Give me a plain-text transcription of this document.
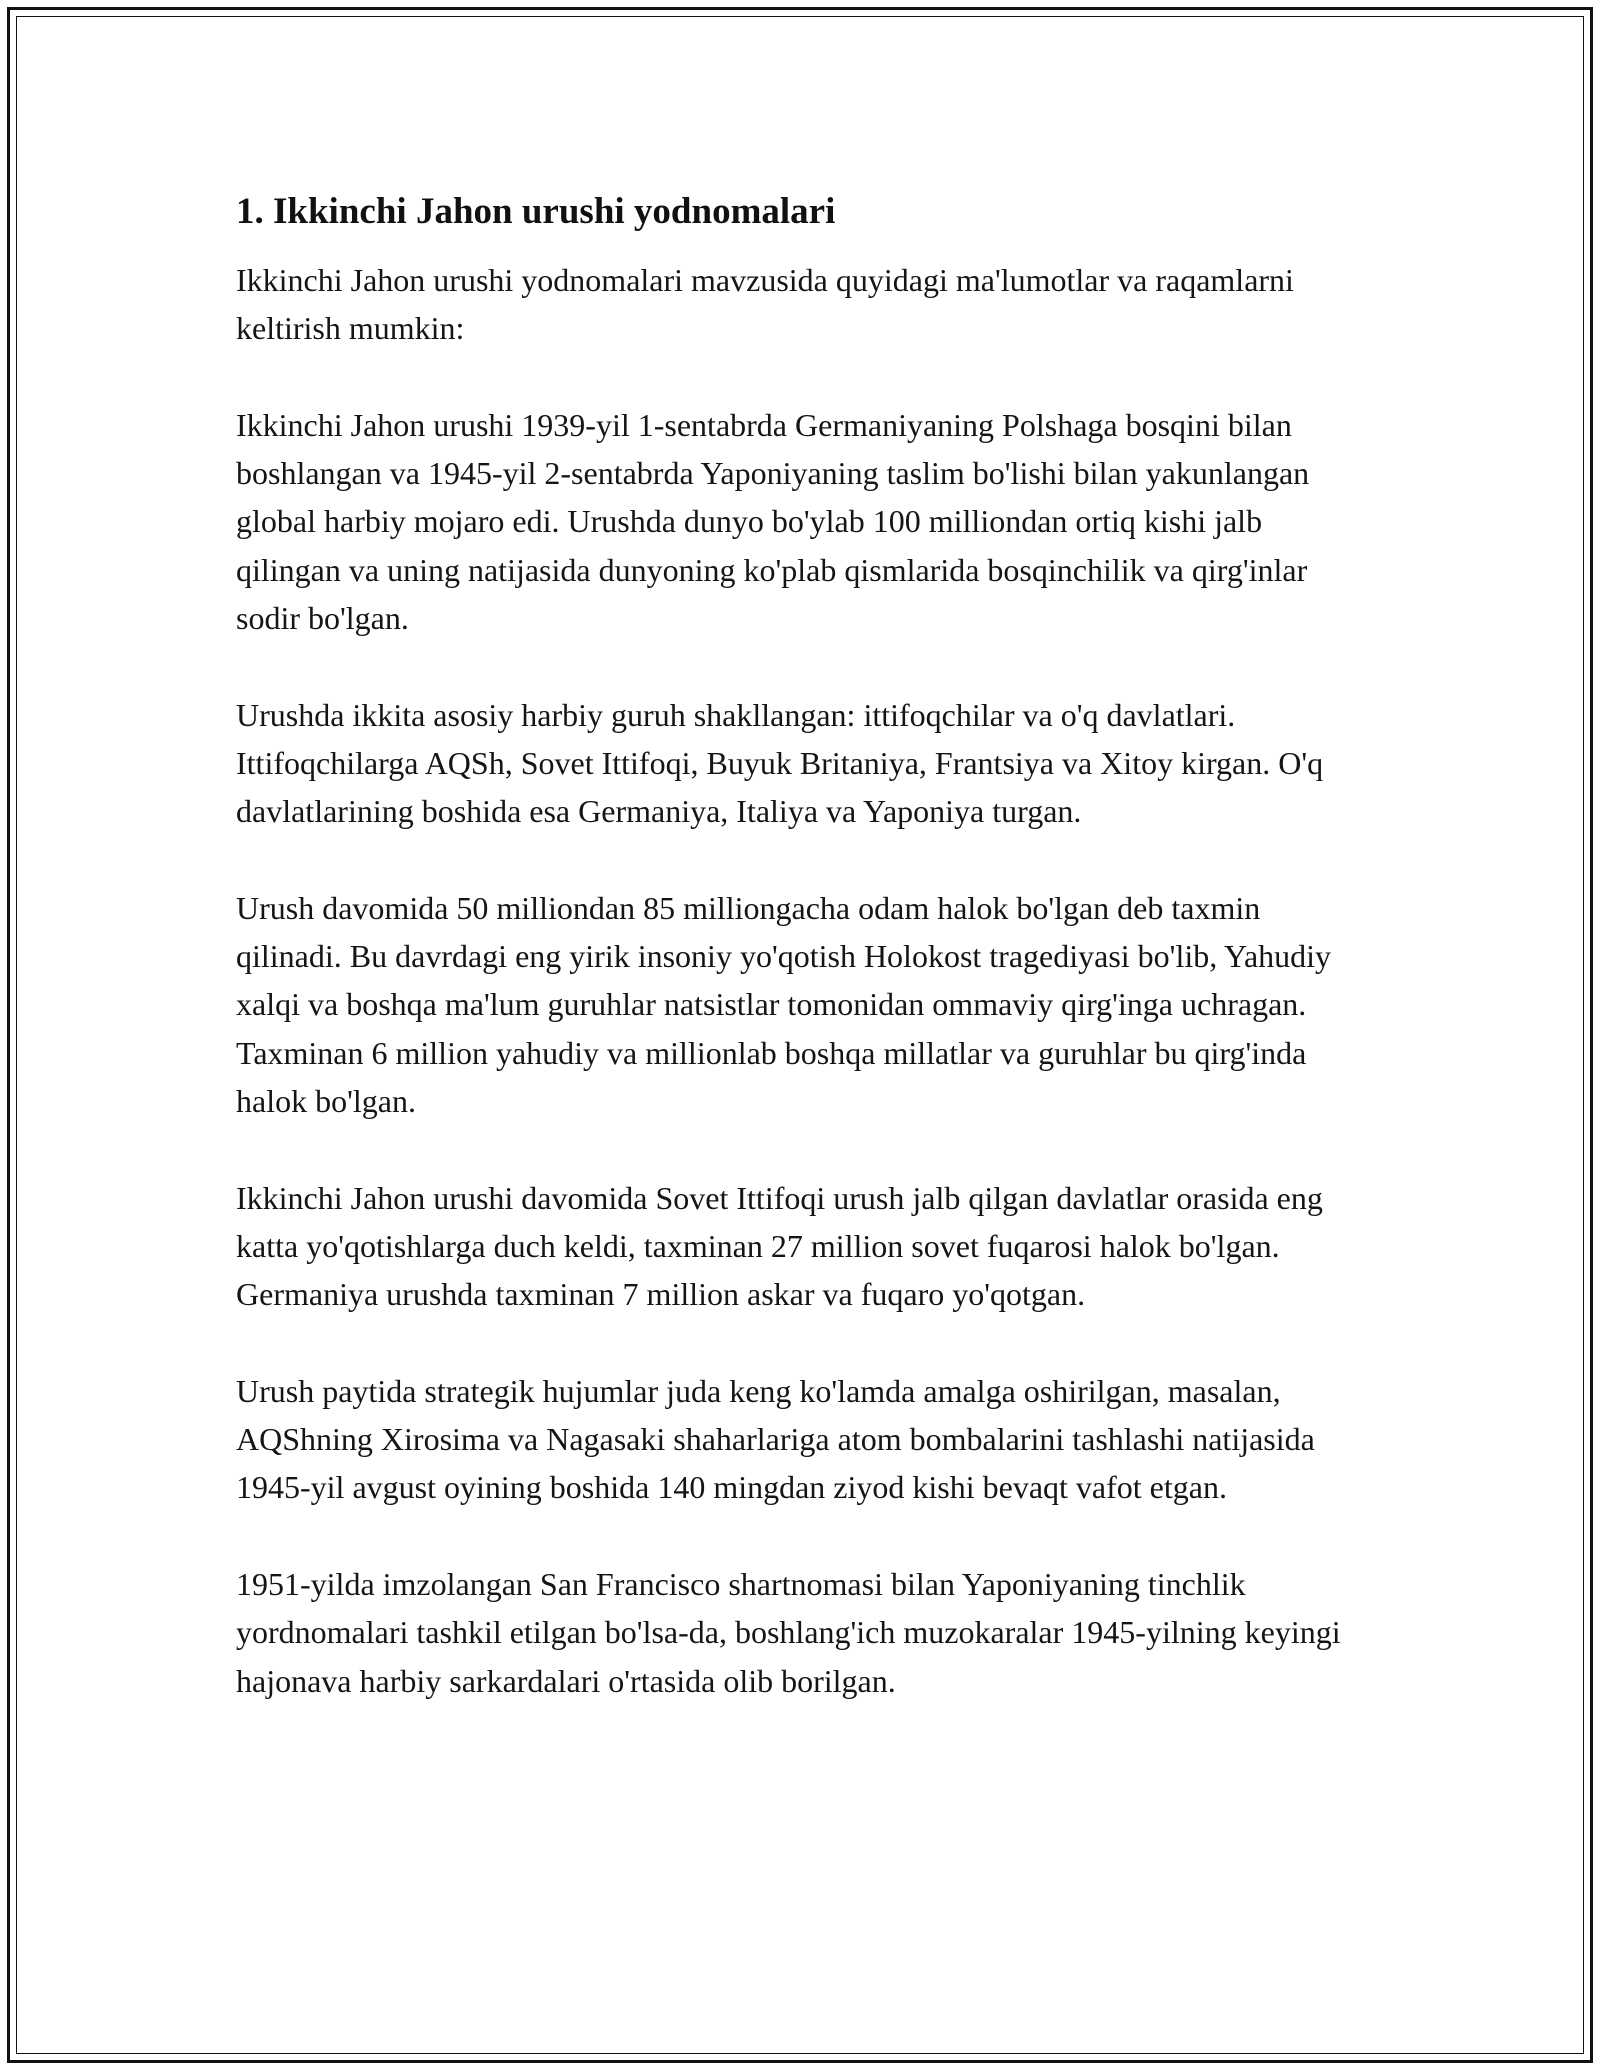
1. Ikkinchi Jahon urushi yodnomalari

Ikkinchi Jahon urushi yodnomalari mavzusida quyidagi ma'lumotlar va raqamlarni keltirish mumkin:

Ikkinchi Jahon urushi 1939-yil 1-sentabrda Germaniyaning Polshaga bosqini bilan boshlangan va 1945-yil 2-sentabrda Yaponiyaning taslim bo'lishi bilan yakunlangan global harbiy mojaro edi. Urushda dunyo bo'ylab 100 milliondan ortiq kishi jalb qilingan va uning natijasida dunyoning ko'plab qismlarida bosqinchilik va qirg'inlar sodir bo'lgan.

Urushda ikkita asosiy harbiy guruh shakllangan: ittifoqchilar va o'q davlatlari. Ittifoqchilarga AQSh, Sovet Ittifoqi, Buyuk Britaniya, Frantsiya va Xitoy kirgan. O'q davlatlarining boshida esa Germaniya, Italiya va Yaponiya turgan.

Urush davomida 50 milliondan 85 milliongacha odam halok bo'lgan deb taxmin qilinadi. Bu davrdagi eng yirik insoniy yo'qotish Holokost tragediyasi bo'lib, Yahudiy xalqi va boshqa ma'lum guruhlar natsistlar tomonidan ommaviy qirg'inga uchragan. Taxminan 6 million yahudiy va millionlab boshqa millatlar va guruhlar bu qirg'inda halok bo'lgan.

Ikkinchi Jahon urushi davomida Sovet Ittifoqi urush jalb qilgan davlatlar orasida eng katta yo'qotishlarga duch keldi, taxminan 27 million sovet fuqarosi halok bo'lgan. Germaniya urushda taxminan 7 million askar va fuqaro yo'qotgan.

Urush paytida strategik hujumlar juda keng ko'lamda amalga oshirilgan, masalan, AQShning Xirosima va Nagasaki shaharlariga atom bombalarini tashlashi natijasida 1945-yil avgust oyining boshida 140 mingdan ziyod kishi bevaqt vafot etgan.

1951-yilda imzolangan San Francisco shartnomasi bilan Yaponiyaning tinchlik yordnomalari tashkil etilgan bo'lsa-da, boshlang'ich muzokaralar 1945-yilning keyingi hajonava harbiy sarkardalari o'rtasida olib borilgan.
